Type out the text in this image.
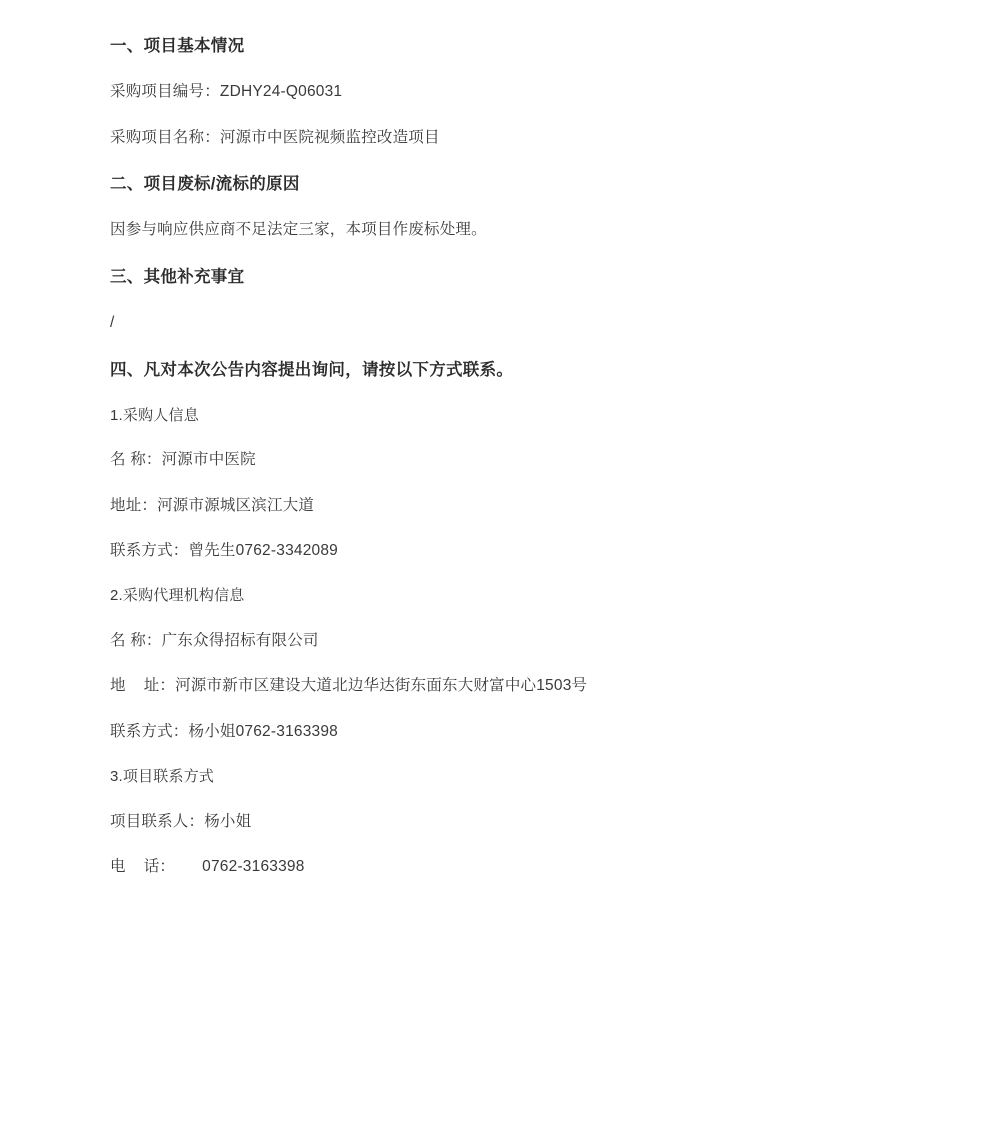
一、项目基本情况

采购项目编号：ZDHY24-Q06031

采购项目名称：河源市中医院视频监控改造项目

二、项目废标/流标的原因

因参与响应供应商不足法定三家，本项目作废标处理。

三、其他补充事宜

/

四、凡对本次公告内容提出询问，请按以下方式联系。

1.采购人信息

名 称：河源市中医院

地址：河源市源城区滨江大道

联系方式：曾先生0762-3342089

2.采购代理机构信息

名 称：广东众得招标有限公司

地    址：河源市新市区建设大道北边华达街东面东大财富中心1503号

联系方式：杨小姐0762-3163398

3.项目联系方式

项目联系人：杨小姐

电    话：      0762-3163398
